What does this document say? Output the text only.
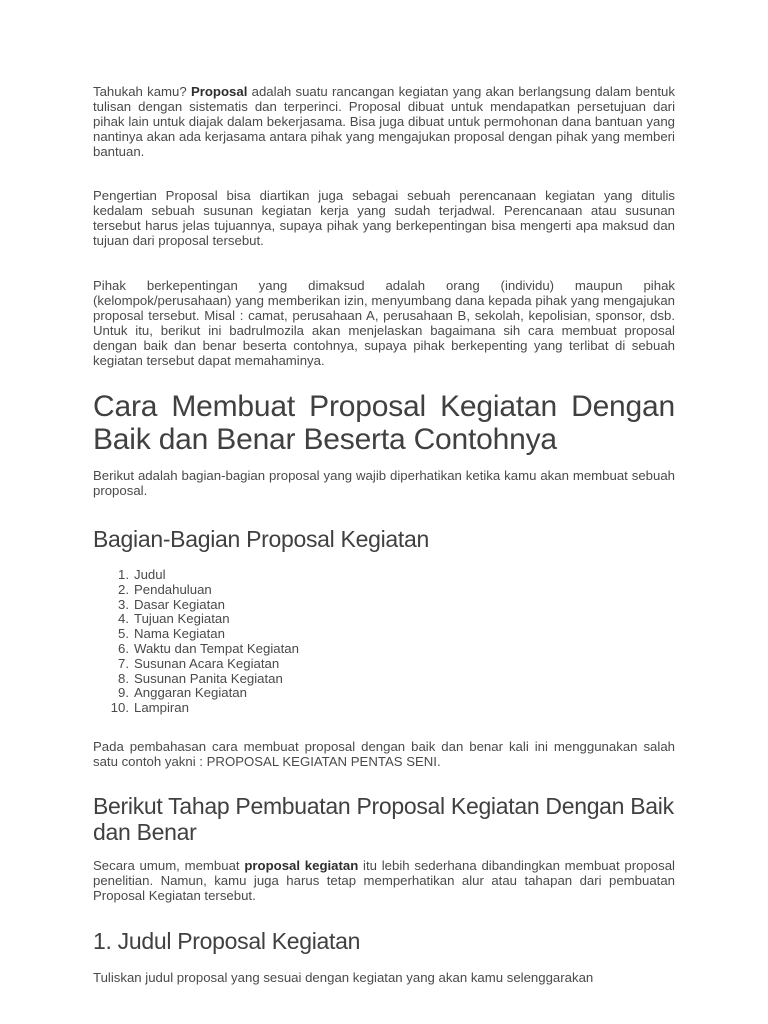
Tahukah kamu? Proposal adalah suatu rancangan kegiatan yang akan berlangsung dalam bentuk tulisan dengan sistematis dan terperinci. Proposal dibuat untuk mendapatkan persetujuan dari pihak lain untuk diajak dalam bekerjasama. Bisa juga dibuat untuk permohonan dana bantuan yang nantinya akan ada kerjasama antara pihak yang mengajukan proposal dengan pihak yang memberi bantuan.

Pengertian Proposal bisa diartikan juga sebagai sebuah perencanaan kegiatan yang ditulis kedalam sebuah susunan kegiatan kerja yang sudah terjadwal. Perencanaan atau susunan tersebut harus jelas tujuannya, supaya pihak yang berkepentingan bisa mengerti apa maksud dan tujuan dari proposal tersebut.

Pihak berkepentingan yang dimaksud adalah orang (individu) maupun pihak (kelompok/perusahaan) yang memberikan izin, menyumbang dana kepada pihak yang mengajukan proposal tersebut. Misal : camat, perusahaan A, perusahaan B, sekolah, kepolisian, sponsor, dsb. Untuk itu, berikut ini badrulmozila akan menjelaskan bagaimana sih cara membuat proposal dengan baik dan benar beserta contohnya, supaya pihak berkepenting yang terlibat di sebuah kegiatan tersebut dapat memahaminya.

Cara Membuat Proposal Kegiatan Dengan Baik dan Benar Beserta Contohnya

Berikut adalah bagian-bagian proposal yang wajib diperhatikan ketika kamu akan membuat sebuah proposal.

Bagian-Bagian Proposal Kegiatan
1. Judul
2. Pendahuluan
3. Dasar Kegiatan
4. Tujuan Kegiatan
5. Nama Kegiatan
6. Waktu dan Tempat Kegiatan
7. Susunan Acara Kegiatan
8. Susunan Panita Kegiatan
9. Anggaran Kegiatan
10. Lampiran

Pada pembahasan cara membuat proposal dengan baik dan benar kali ini menggunakan salah satu contoh yakni : PROPOSAL KEGIATAN PENTAS SENI.

Berikut Tahap Pembuatan Proposal Kegiatan Dengan Baik dan Benar

Secara umum, membuat proposal kegiatan itu lebih sederhana dibandingkan membuat proposal penelitian. Namun, kamu juga harus tetap memperhatikan alur atau tahapan dari pembuatan Proposal Kegiatan tersebut.

1. Judul Proposal Kegiatan

Tuliskan judul proposal yang sesuai dengan kegiatan yang akan kamu selenggarakan
